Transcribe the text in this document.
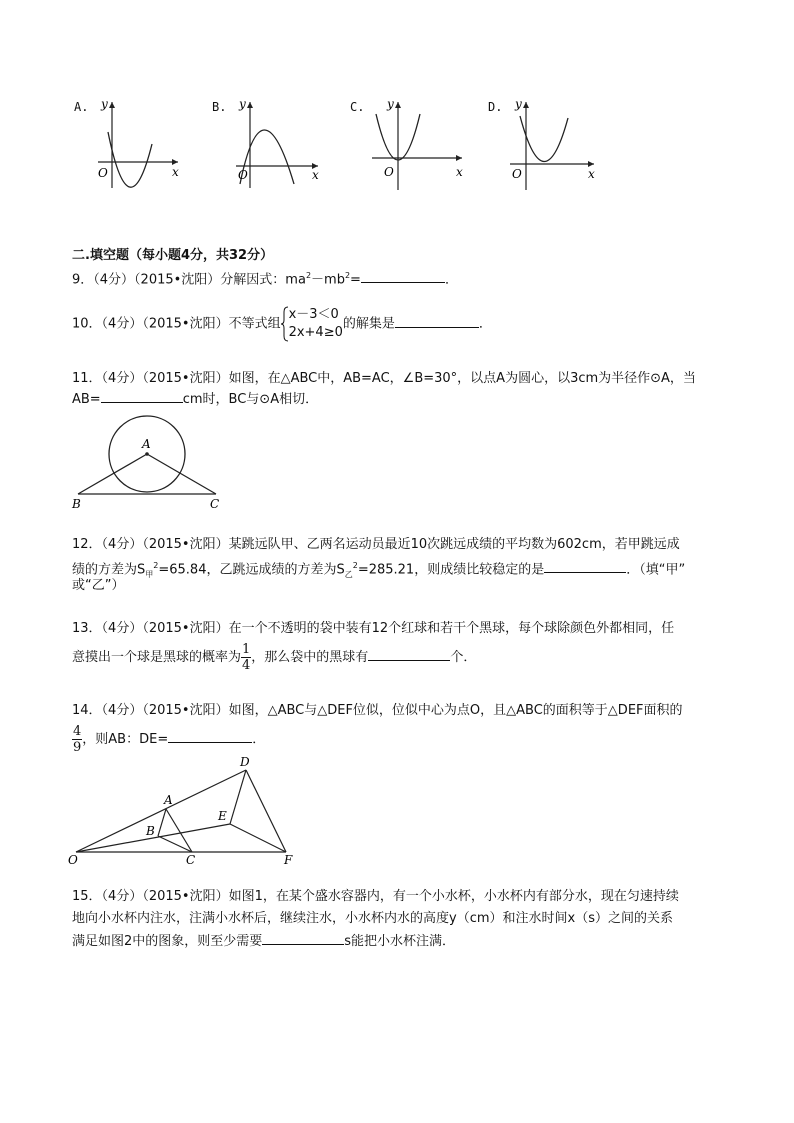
A. y
x
O
B. y
x
O
C. y
x
O
D. y
x
O
二.填空题（每小题4分，共32分）
9．（4分）（2015•沈阳）分解因式：$ma^2-mb^2=$	．
10．（4分）（2015•沈阳）不等式组
x－3＜0
2x+4≥0
的解集是	．
11．（4分）（2015•沈阳）如图，在△ABC中，AB=AC，∠B=30°，以点A为圆心，以3cm为半径作⊙A，当
AB=	cm时，BC与⊙A相切．
A
B	C
12．（4分）（2015•沈阳）某跳远队甲、乙两名运动员最近10次跳远成绩的平均数为602cm，若甲跳远成
绩的方差为$S_甲^2=65.84$，乙跳远成绩的方差为$S_乙^2=285.21$，则成绩比较稳定的是	．（填“甲”
或“乙”）
13．（4分）（2015•沈阳）在一个不透明的袋中装有12个红球和若干个黑球，每个球除颜色外都相同，任
意摸出一个球是黑球的概率为 $\frac{1}{4}$ ，那么袋中的黑球有	个．
14．（4分）（2015•沈阳）如图，△ABC与△DEF位似，位似中心为点O，且△ABC的面积等于△DEF面积的
$\frac{4}{9}$ ，则AB：DE=	．
O
A
B
C
D
E
F
15．（4分）（2015•沈阳）如图1，在某个盛水容器内，有一个小水杯，小水杯内有部分水，现在匀速持续
地向小水杯内注水，注满小水杯后，继续注水，小水杯内水的高度y（cm）和注水时间x（s）之间的关系
满足如图2中的图象，则至少需要	s能把小水杯注满．
